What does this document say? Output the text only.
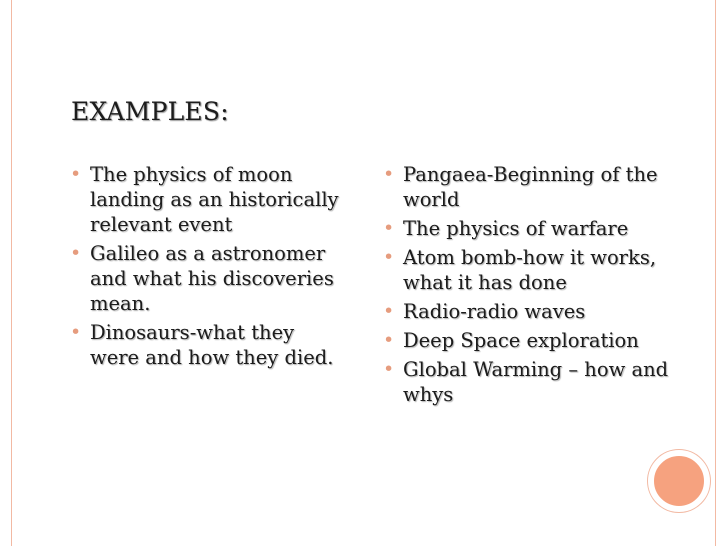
EXAMPLES:
• The physics of moon landing as an historically relevant event
• Galileo as a astronomer and what his discoveries mean.
• Dinosaurs-what they were and how they died.
• Pangaea-Beginning of the world
• The physics of warfare
• Atom bomb-how it works, what it has done
• Radio-radio waves
• Deep Space exploration
• Global Warming – how and whys
